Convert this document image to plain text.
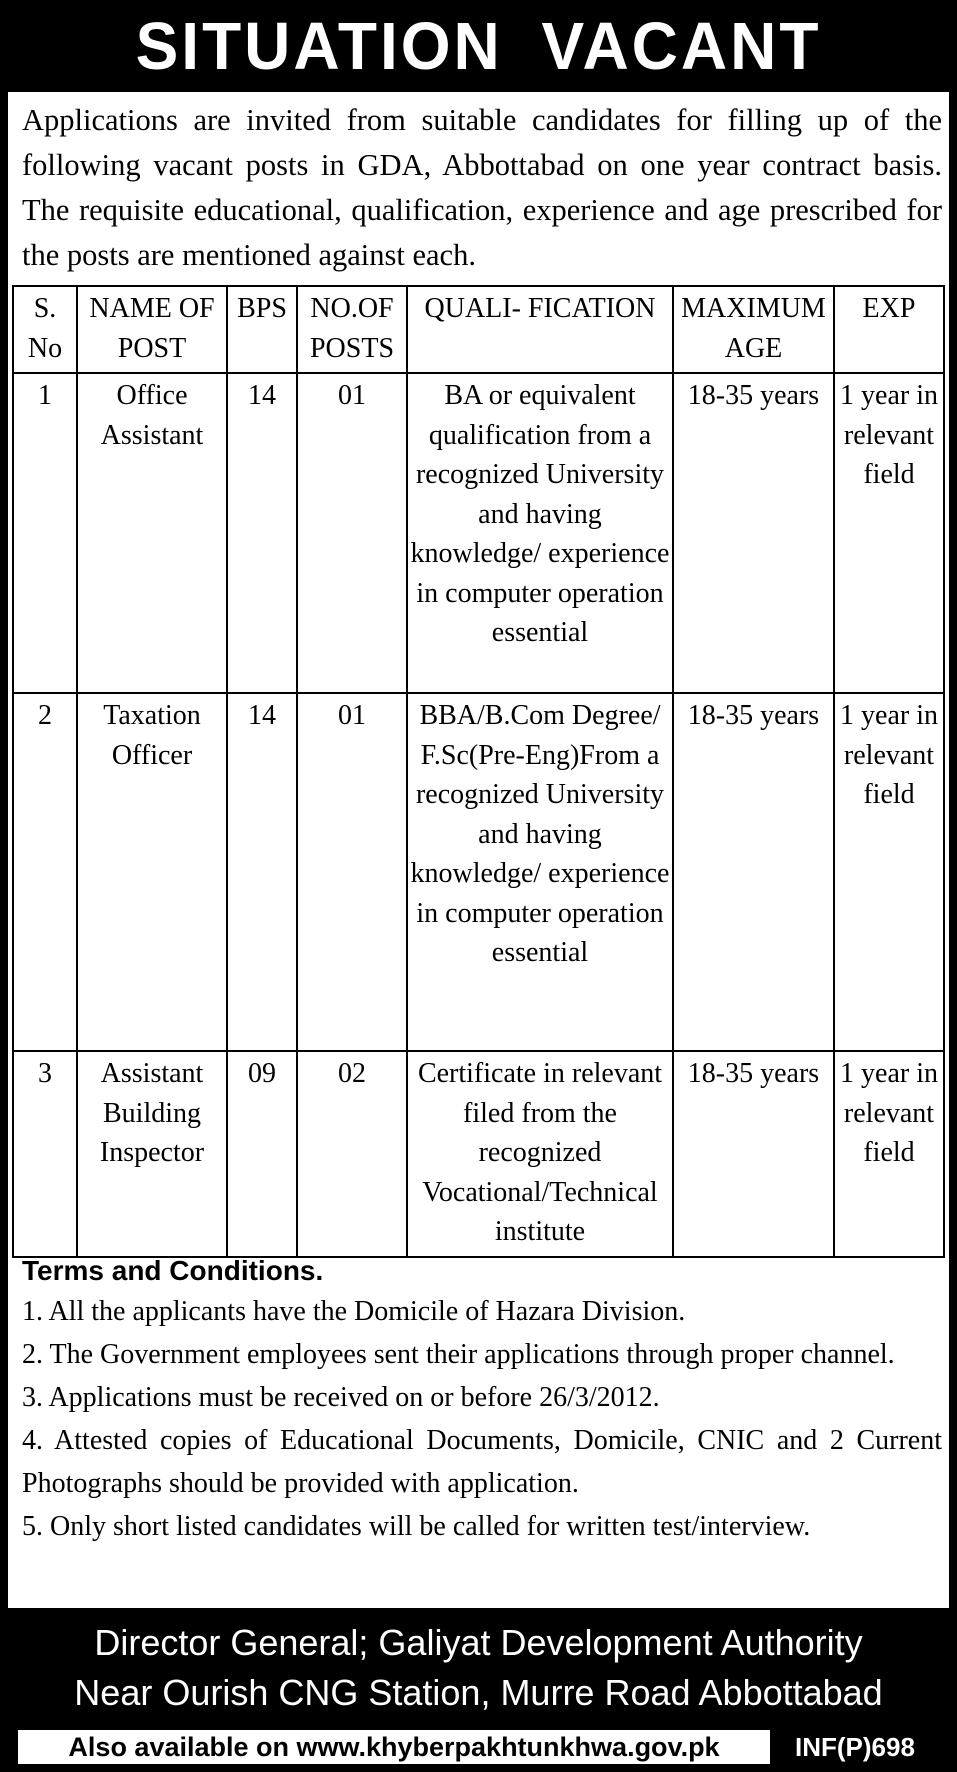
SITUATION VACANT

Applications are invited from suitable candidates for filling up of the following vacant posts in GDA, Abbottabad on one year contract basis. The requisite educational, qualification, experience and age prescribed for the posts are mentioned against each.

S. No	NAME OF POST	BPS	NO.OF POSTS	QUALI- FICATION	MAXIMUM AGE	EXP
1	Office Assistant	14	01	BA or equivalent qualification from a recognized University and having knowledge/ experience in computer operation essential	18-35 years	1 year in relevant field
2	Taxation Officer	14	01	BBA/B.Com Degree/ F.Sc(Pre-Eng)From a recognized University and having knowledge/ experience in computer operation essential	18-35 years	1 year in relevant field
3	Assistant Building Inspector	09	02	Certificate in relevant filed from the recognized Vocational/Technical institute	18-35 years	1 year in relevant field
Terms and Conditions.

1. All the applicants have the Domicile of Hazara Division.

2. The Government employees sent their applications through proper channel.

3. Applications must be received on or before 26/3/2012.

4. Attested copies of Educational Documents, Domicile, CNIC and 2 Current Photographs should be provided with application.

5. Only short listed candidates will be called for written test/interview.

Director General; Galiyat Development Authority
Near Ourish CNG Station, Murre Road Abbottabad
Also available on www.khyberpakhtunkhwa.gov.pk	INF(P)698
